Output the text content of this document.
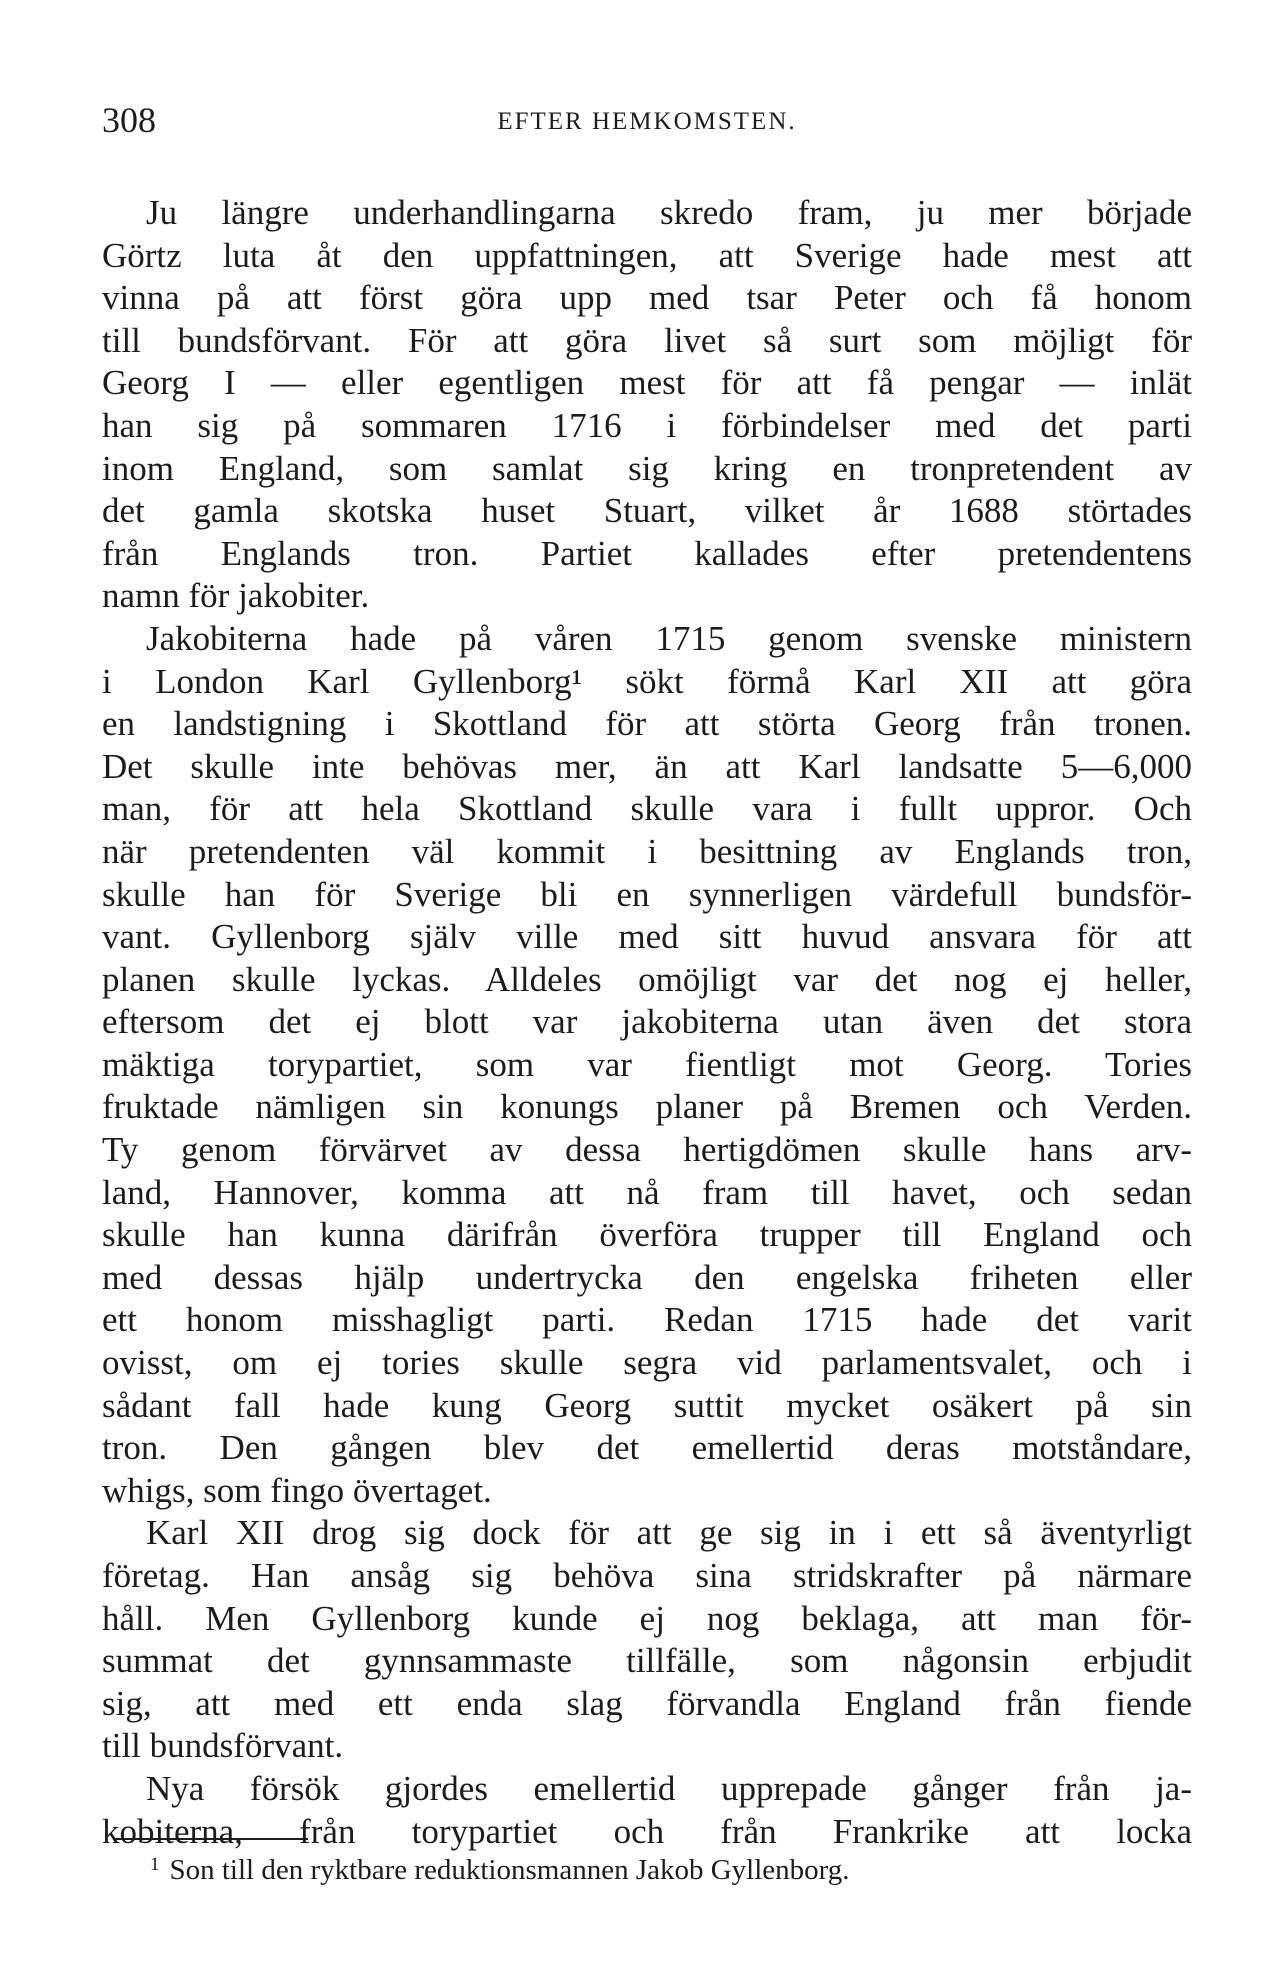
308	EFTER HEMKOMSTEN.
Ju längre underhandlingarna skredo fram, ju mer började
Görtz luta åt den uppfattningen, att Sverige hade mest att
vinna på att först göra upp med tsar Peter och få honom
till bundsförvant. För att göra livet så surt som möjligt för
Georg I — eller egentligen mest för att få pengar — inlät
han sig på sommaren 1716 i förbindelser med det parti
inom England, som samlat sig kring en tronpretendent av
det gamla skotska huset Stuart, vilket år 1688 störtades
från Englands tron. Partiet kallades efter pretendentens
namn för jakobiter.
Jakobiterna hade på våren 1715 genom svenske ministern
i London Karl Gyllenborg¹ sökt förmå Karl XII att göra
en landstigning i Skottland för att störta Georg från tronen.
Det skulle inte behövas mer, än att Karl landsatte 5—6,000
man, för att hela Skottland skulle vara i fullt uppror. Och
när pretendenten väl kommit i besittning av Englands tron,
skulle han för Sverige bli en synnerligen värdefull bundsför-
vant. Gyllenborg själv ville med sitt huvud ansvara för att
planen skulle lyckas. Alldeles omöjligt var det nog ej heller,
eftersom det ej blott var jakobiterna utan även det stora
mäktiga torypartiet, som var fientligt mot Georg. Tories
fruktade nämligen sin konungs planer på Bremen och Verden.
Ty genom förvärvet av dessa hertigdömen skulle hans arv-
land, Hannover, komma att nå fram till havet, och sedan
skulle han kunna därifrån överföra trupper till England och
med dessas hjälp undertrycka den engelska friheten eller
ett honom misshagligt parti. Redan 1715 hade det varit
ovisst, om ej tories skulle segra vid parlamentsvalet, och i
sådant fall hade kung Georg suttit mycket osäkert på sin
tron. Den gången blev det emellertid deras motståndare,
whigs, som fingo övertaget.
Karl XII drog sig dock för att ge sig in i ett så äventyrligt
företag. Han ansåg sig behöva sina stridskrafter på närmare
håll. Men Gyllenborg kunde ej nog beklaga, att man för-
summat det gynnsammaste tillfälle, som någonsin erbjudit
sig, att med ett enda slag förvandla England från fiende
till bundsförvant.
Nya försök gjordes emellertid upprepade gånger från ja-
kobiterna, från torypartiet och från Frankrike att locka
$^1$ Son till den ryktbare reduktionsmannen Jakob Gyllenborg.
